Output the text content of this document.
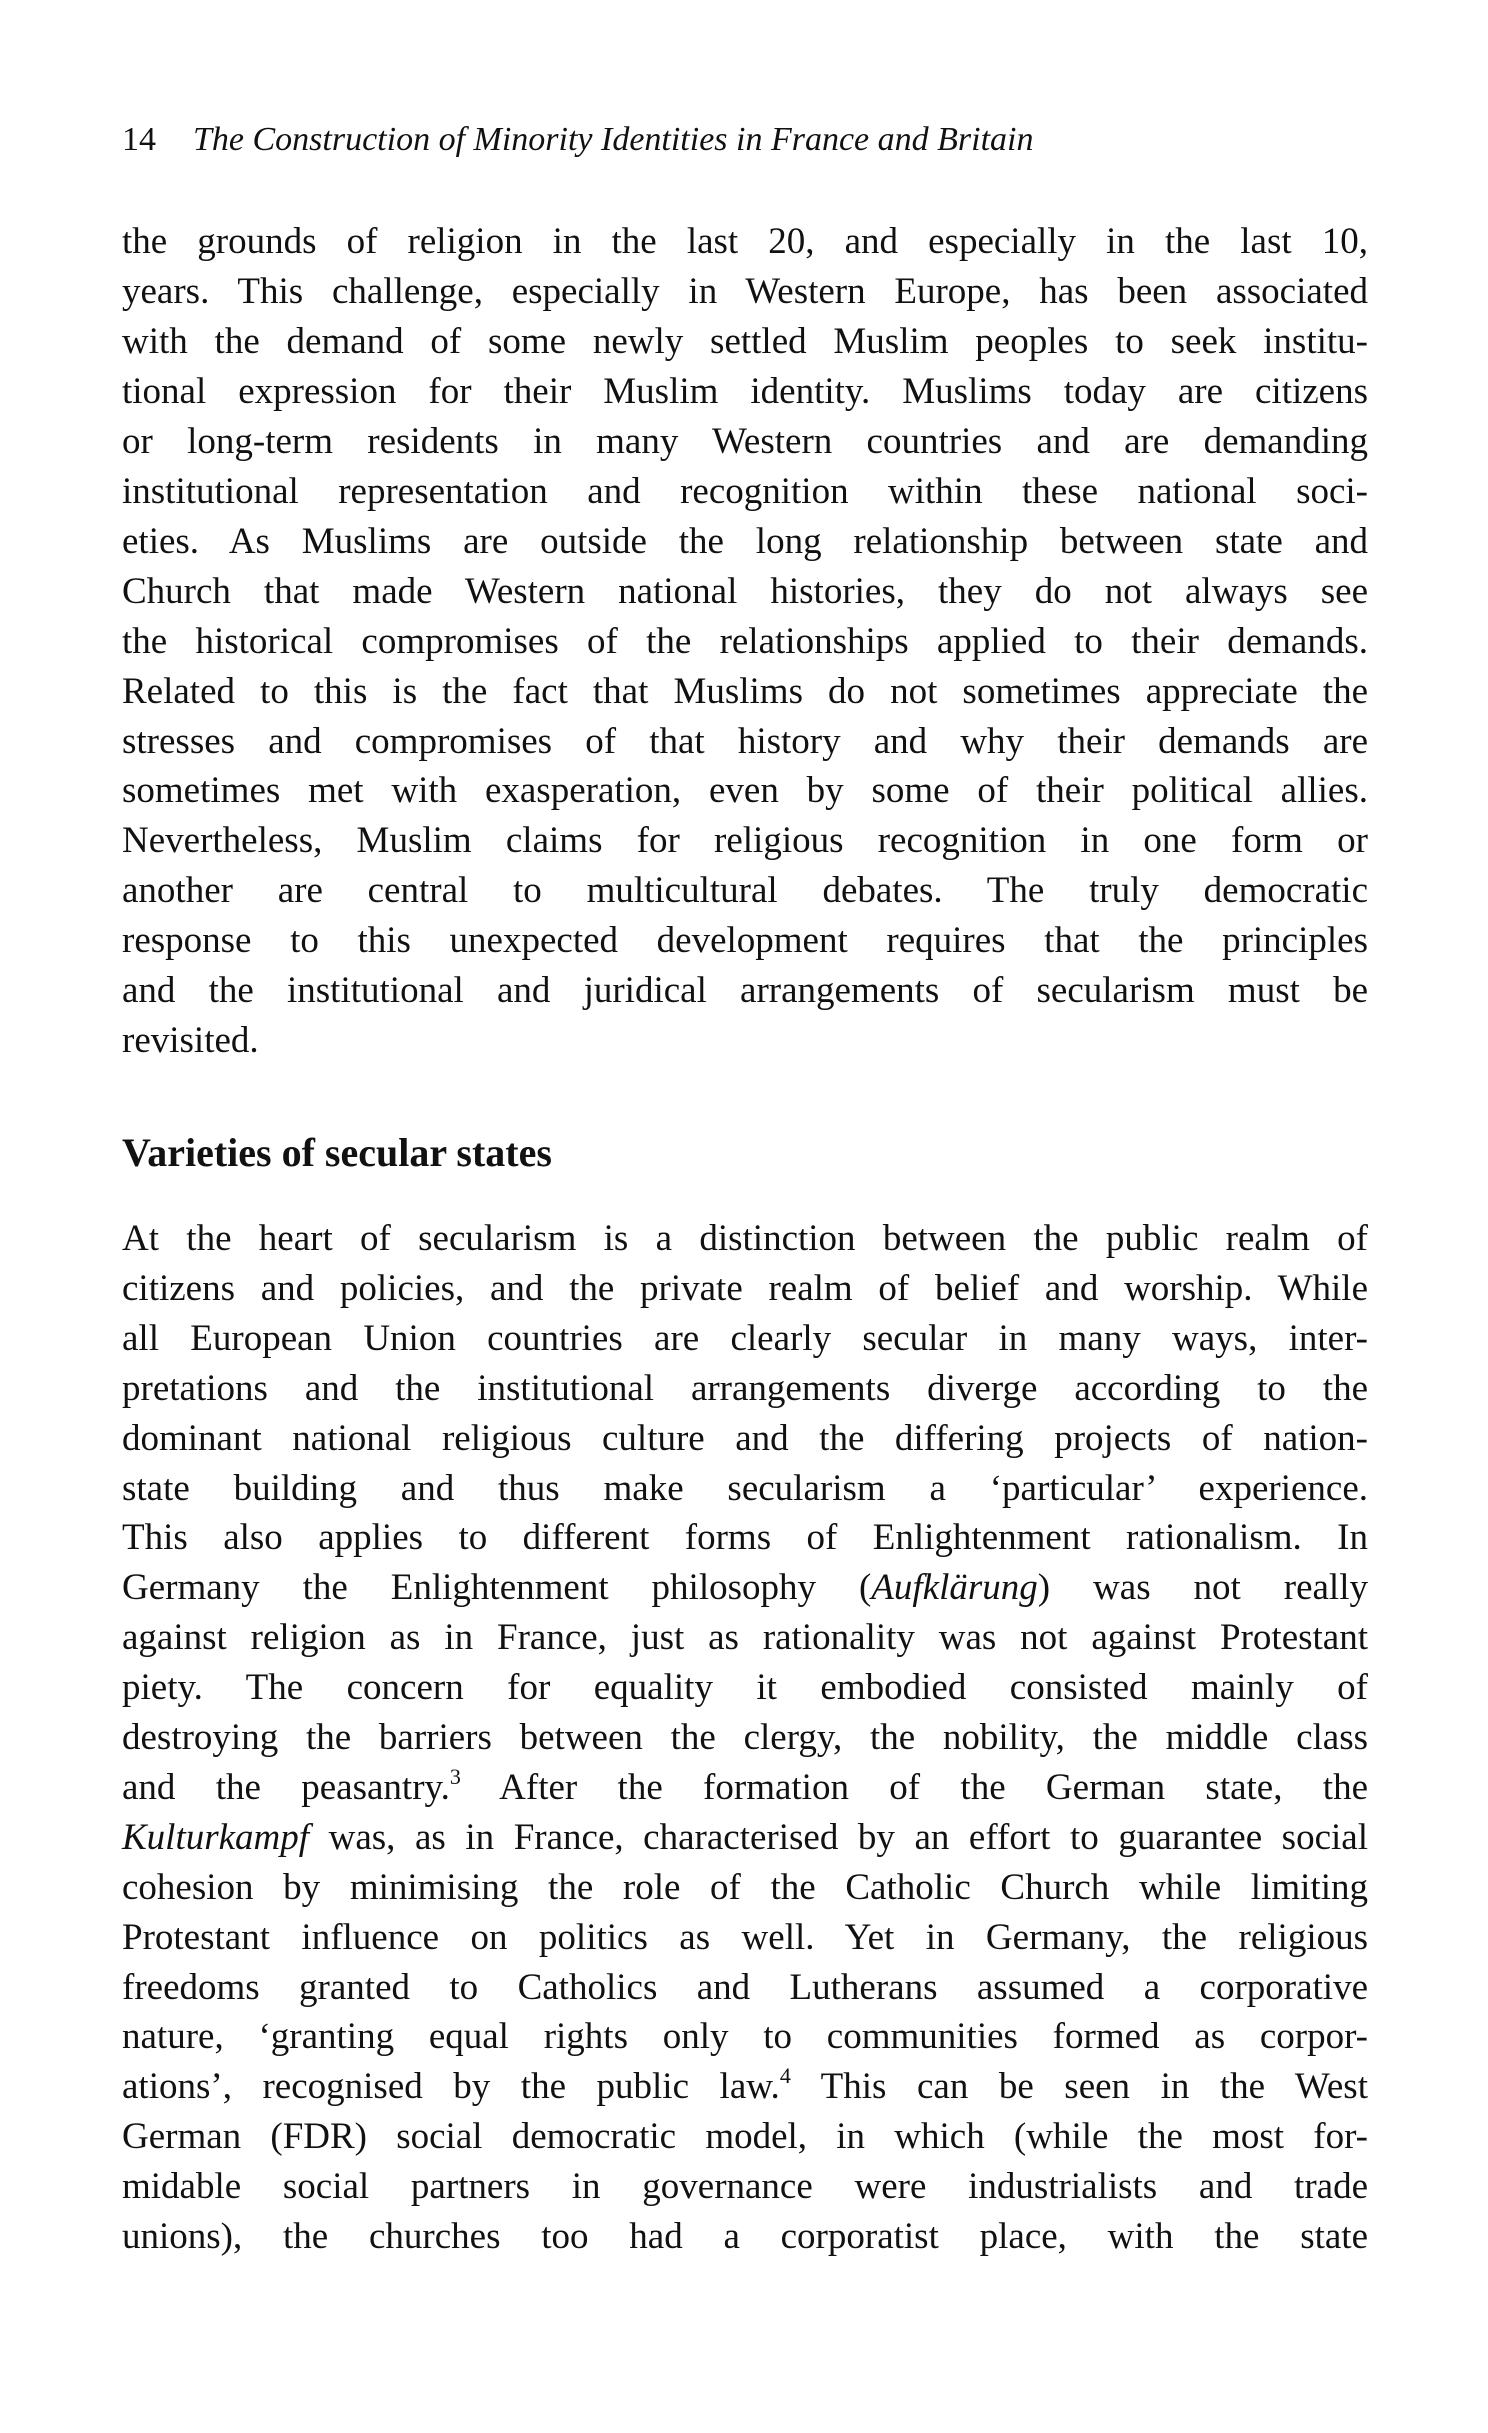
14 The Construction of Minority Identities in France and Britain
the grounds of religion in the last 20, and especially in the last 10,
years. This challenge, especially in Western Europe, has been associated
with the demand of some newly settled Muslim peoples to seek institu-
tional expression for their Muslim identity. Muslims today are citizens
or long-term residents in many Western countries and are demanding
institutional representation and recognition within these national soci-
eties. As Muslims are outside the long relationship between state and
Church that made Western national histories, they do not always see
the historical compromises of the relationships applied to their demands.
Related to this is the fact that Muslims do not sometimes appreciate the
stresses and compromises of that history and why their demands are
sometimes met with exasperation, even by some of their political allies.
Nevertheless, Muslim claims for religious recognition in one form or
another are central to multicultural debates. The truly democratic
response to this unexpected development requires that the principles
and the institutional and juridical arrangements of secularism must be
revisited.
Varieties of secular states
At the heart of secularism is a distinction between the public realm of
citizens and policies, and the private realm of belief and worship. While
all European Union countries are clearly secular in many ways, inter-
pretations and the institutional arrangements diverge according to the
dominant national religious culture and the differing projects of nation-
state building and thus make secularism a ‘particular’ experience.
This also applies to different forms of Enlightenment rationalism. In
Germany the Enlightenment philosophy (Aufklärung) was not really
against religion as in France, just as rationality was not against Protestant
piety. The concern for equality it embodied consisted mainly of
destroying the barriers between the clergy, the nobility, the middle class
and the peasantry.$^3$ After the formation of the German state, the
Kulturkampf was, as in France, characterised by an effort to guarantee social
cohesion by minimising the role of the Catholic Church while limiting
Protestant influence on politics as well. Yet in Germany, the religious
freedoms granted to Catholics and Lutherans assumed a corporative
nature, ‘granting equal rights only to communities formed as corpor-
ations’, recognised by the public law.$^4$ This can be seen in the West
German (FDR) social democratic model, in which (while the most for-
midable social partners in governance were industrialists and trade
unions), the churches too had a corporatist place, with the state
